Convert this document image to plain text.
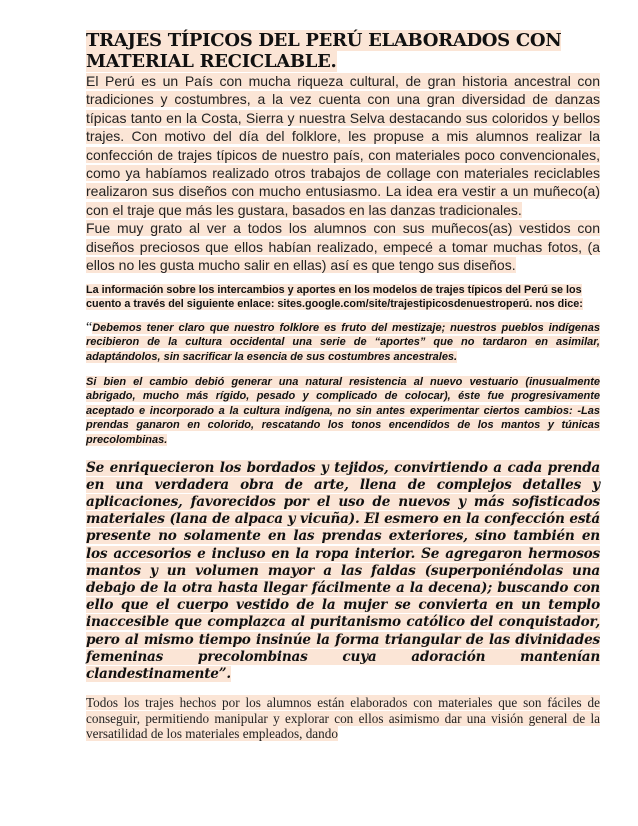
TRAJES TÍPICOS DEL PERÚ ELABORADOS CON MATERIAL RECICLABLE.

El Perú es un País con mucha riqueza cultural, de gran historia ancestral con tradiciones y costumbres, a la vez cuenta con una gran diversidad de danzas típicas tanto en la Costa, Sierra y nuestra Selva destacando sus coloridos y bellos trajes. Con motivo del día del folklore, les propuse a mis alumnos realizar la confección de trajes típicos de nuestro país, con materiales poco convencionales, como ya habíamos realizado otros trabajos de collage con materiales reciclables realizaron sus diseños con mucho entusiasmo. La idea era vestir a un muñeco(a) con el traje que más les gustara, basados en las danzas tradicionales.

Fue muy grato al ver a todos los alumnos con sus muñecos(as) vestidos con diseños preciosos que ellos habían realizado, empecé a tomar muchas fotos, (a ellos no les gusta mucho salir en ellas) así es que tengo sus diseños.

La información sobre los intercambios y aportes en los modelos de trajes típicos del Perú se los cuento a través del siguiente enlace: sites.google.com/site/trajestipicosdenuestroperú. nos dice:

“Debemos tener claro que nuestro folklore es fruto del mestizaje; nuestros pueblos indígenas recibieron de la cultura occidental una serie de “aportes” que no tardaron en asimilar, adaptándolos, sin sacrificar la esencia de sus costumbres ancestrales.

Si bien el cambio debió generar una natural resistencia al nuevo vestuario (inusualmente abrigado, mucho más rígido, pesado y complicado de colocar), éste fue progresivamente aceptado e incorporado a la cultura indígena, no sin antes experimentar ciertos cambios: -Las prendas ganaron en colorido, rescatando los tonos encendidos de los mantos y túnicas precolombinas.

Se enriquecieron los bordados y tejidos, convirtiendo a cada prenda en una verdadera obra de arte, llena de complejos detalles y aplicaciones, favorecidos por el uso de nuevos y más sofisticados materiales (lana de alpaca y vicuña). El esmero en la confección está presente no solamente en las prendas exteriores, sino también en los accesorios e incluso en la ropa interior. Se agregaron hermosos mantos y un volumen mayor a las faldas (superponiéndolas una debajo de la otra hasta llegar fácilmente a la decena); buscando con ello que el cuerpo vestido de la mujer se convierta en un templo inaccesible que complazca al puritanismo católico del conquistador, pero al mismo tiempo insinúe la forma triangular de las divinidades femeninas precolombinas cuya adoración mantenían clandestinamente”.

Todos los trajes hechos por los alumnos están elaborados con materiales que son fáciles de conseguir, permitiendo manipular y explorar con ellos asimismo dar una visión general de la versatilidad de los materiales empleados, dando
